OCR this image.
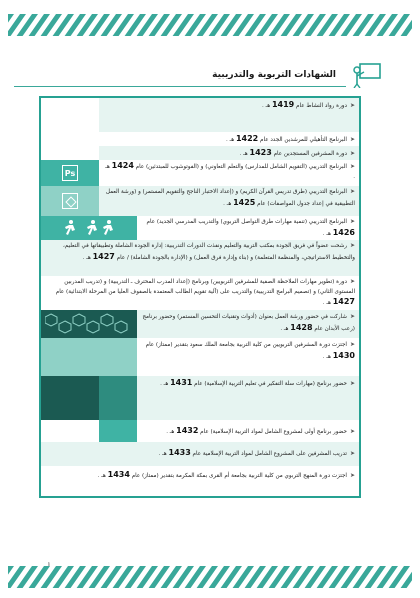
الشهادات التربوية والتدريبية

➤دورة رواد النشاط عام 1419 هـ .

➤البرنامج التأهيلي للمرشدين الجدد عام 1422 هـ .

➤دورة المشرفين المستجدين عام 1423 هـ .

Ps

➤البرنامج التدريبي (التقويم الشامل للمدارس) والتعلم التعاوني) و (الفوتوشوب للمبتدئين) عام 1424 هـ .

➤البرنامج التدريبي (طرق تدريس القرآن الكريم) و (إعداد الاختبار الناجح والتقويم المستمر) و (ورشة العمل التطبيقية في إعداد جدول المواصفات) عام 1425 هـ .

➤البرنامج التدريبي (تنمية مهارات طرق التواصل التربوي) والتدريب المدرسي الجديد) عام 1426 هـ .

➤رشحت عضواً في فريق الجودة بمكتب التربية والتعليم ونفذت الدورات التدريبية: إدارة الجودة الشاملة وتطبيقاتها في التعليم، والتخطيط الاستراتيجي، والمنظمة المتعلمة) و (بناء وإدارة فرق العمل) و (الإدارة بالجودة الشاملة) / عام 1427 هـ .

➤دورة (تطوير مهارات الملاحظة الصفية للمشرفين التربويين) وبرنامج (إعداد المدرب المحترف ـ التدريبية) و (تدريب المدربين المستوى الثاني) و (تصميم البرامج التدريبية) والتدريب على (آلية تقويم الطالب المعتمدة بالصفوف العليا من المرحلة الابتدائية) عام 1427 هـ .

➤شاركت في حضور ورشة العمل بعنوان (أدوات وتقنيات التحسين المستمر) وحضور برنامج (رعب الأبدان عام 1428 هـ .

➤اجتزت دورة المشرفين التربويين من كلية التربية بجامعة الملك سعود بتقدير (ممتاز) عام 1430 هـ .

➤حضور برنامج (مهارات سلة التفكير في تعليم التربية الإسلامية) عام 1431 هـ .

➤حضور برنامج أولى لمشروع الشامل لمواد التربية الإسلامية) عام 1432 هـ .

➤تدريب المشرفين على المشروع الشامل لمواد التربية الإسلامية عام 1433 هـ .

➤اجتزت دورة المنهج التربوي من كلية التربية بجامعة أم القرى بمكة المكرمة بتقدير (ممتاز) عام 1434 هـ .
